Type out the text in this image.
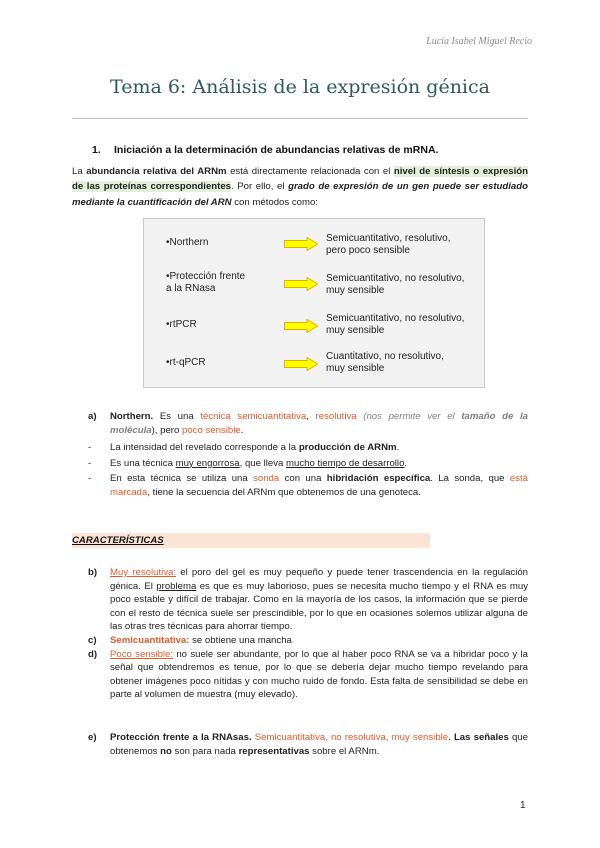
Lucía Isabel Miguel Recio
Tema 6: Análisis de la expresión génica
1. Iniciación a la determinación de abundancias relativas de mRNA.
La abundancia relativa del ARNm está directamente relacionada con el nivel de síntesis o expresión de las proteínas correspondientes. Por ello, el grado de expresión de un gen puede ser estudiado mediante la cuantificación del ARN con métodos como:
•Northern	Semicuantitativo, resolutivo,
pero poco sensible
•Protección frente
a la RNasa
Semicuantitativo, no resolutivo,
muy sensible
•rtPCR
Semicuantitativo, no resolutivo,
muy sensible
•rt-qPCR
Cuantitativo, no resolutivo,
muy sensible
a) Northern. Es una técnica semicuantitativa, resolutiva (nos permite ver el tamaño de la molécula), pero poco sensible.
- La intensidad del revelado corresponde a la producción de ARNm.
- Es una técnica muy engorrosa, que lleva mucho tiempo de desarrollo.
- En esta técnica se utiliza una sonda con una hibridación específica. La sonda, que está marcada, tiene la secuencia del ARNm que obtenemos de una genoteca.
CARACTERÍSTICAS
b) Muy resolutiva: el poro del gel es muy pequeño y puede tener trascendencia en la regulación génica. El problema es que es muy laborioso, pues se necesita mucho tiempo y el RNA es muy poco estable y difícil de trabajar. Como en la mayoría de los casos, la información que se pierde con el resto de técnica suele ser prescindible, por lo que en ocasiones solemos utilizar alguna de las otras tres técnicas para ahorrar tiempo.
c) Semicuantitativa: se obtiene una mancha
d) Poco sensible: no suele ser abundante, por lo que al haber poco RNA se va a hibridar poco y la señal que obtendremos es tenue, por lo que se debería dejar mucho tiempo revelando para obtener imágenes poco nítidas y con mucho ruido de fondo. Esta falta de sensibilidad se debe en parte al volumen de muestra (muy elevado).
e) Protección frente a la RNAsas. Semicuantitativa, no resolutiva, muy sensible. Las señales que obtenemos no son para nada representativas sobre el ARNm.
1
